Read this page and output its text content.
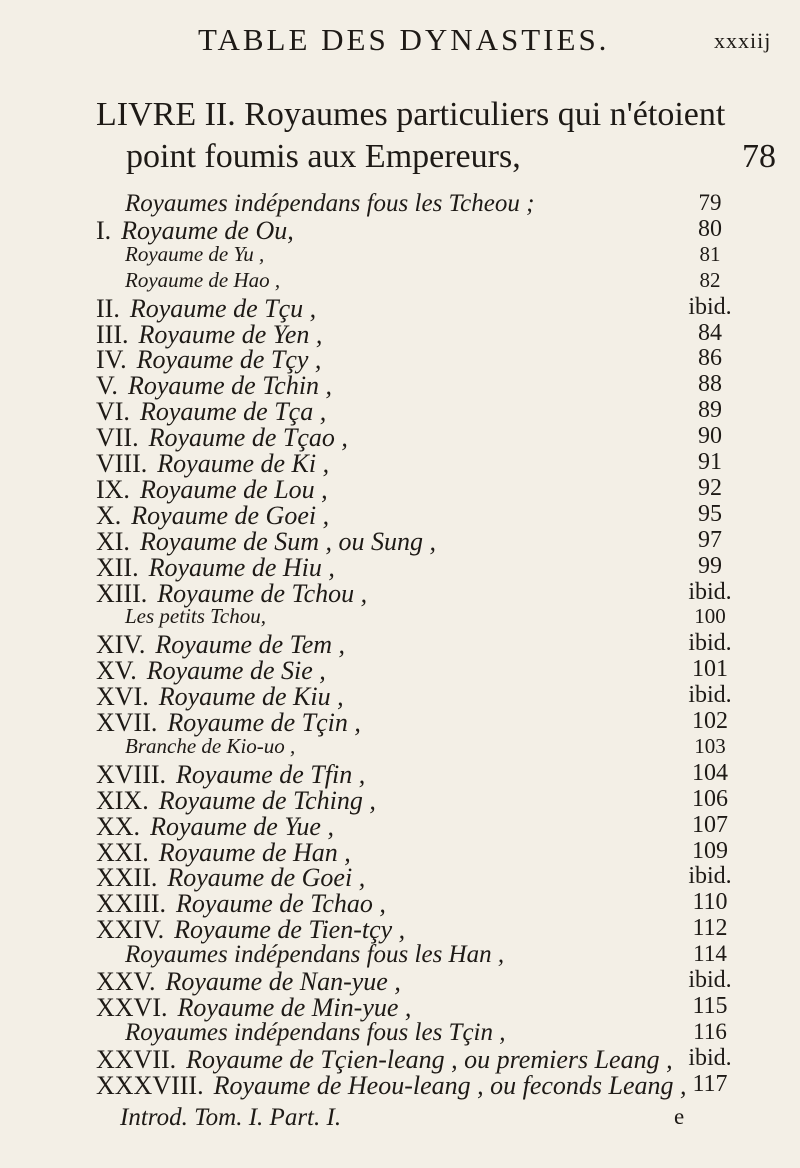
TABLE DES DYNASTIES.	xxxiij
LIVRE II. Royaumes particuliers qui n'étoient
point foumis aux Empereurs,	78
Royaumes indépendans fous les Tcheou ;	79
I. Royaume de Ou,	80
Royaume de Yu ,	81
Royaume de Hao ,	82
II. Royaume de Tçu ,	ibid.
III. Royaume de Yen ,	84
IV. Royaume de Tçy ,	86
V. Royaume de Tchin ,	88
VI. Royaume de Tça ,	89
VII. Royaume de Tçao ,	90
VIII. Royaume de Ki ,	91
IX. Royaume de Lou ,	92
X. Royaume de Goei ,	95
XI. Royaume de Sum , ou Sung ,	97
XII. Royaume de Hiu ,	99
XIII. Royaume de Tchou ,	ibid.
Les petits Tchou,	100
XIV. Royaume de Tem ,	ibid.
XV. Royaume de Sie ,	101
XVI. Royaume de Kiu ,	ibid.
XVII. Royaume de Tçin ,	102
Branche de Kio-uo ,	103
XVIII. Royaume de Tfin ,	104
XIX. Royaume de Tching ,	106
XX. Royaume de Yue ,	107
XXI. Royaume de Han ,	109
XXII. Royaume de Goei ,	ibid.
XXIII. Royaume de Tchao ,	110
XXIV. Royaume de Tien-tçy ,	112
Royaumes indépendans fous les Han ,	114
XXV. Royaume de Nan-yue ,	ibid.
XXVI. Royaume de Min-yue ,	115
Royaumes indépendans fous les Tçin ,	116
XXVII. Royaume de Tçien-leang , ou premiers Leang , ibid.
XXXVIII. Royaume de Heou-leang , ou feconds Leang , 117
Introd. Tom. I. Part. I.	e
